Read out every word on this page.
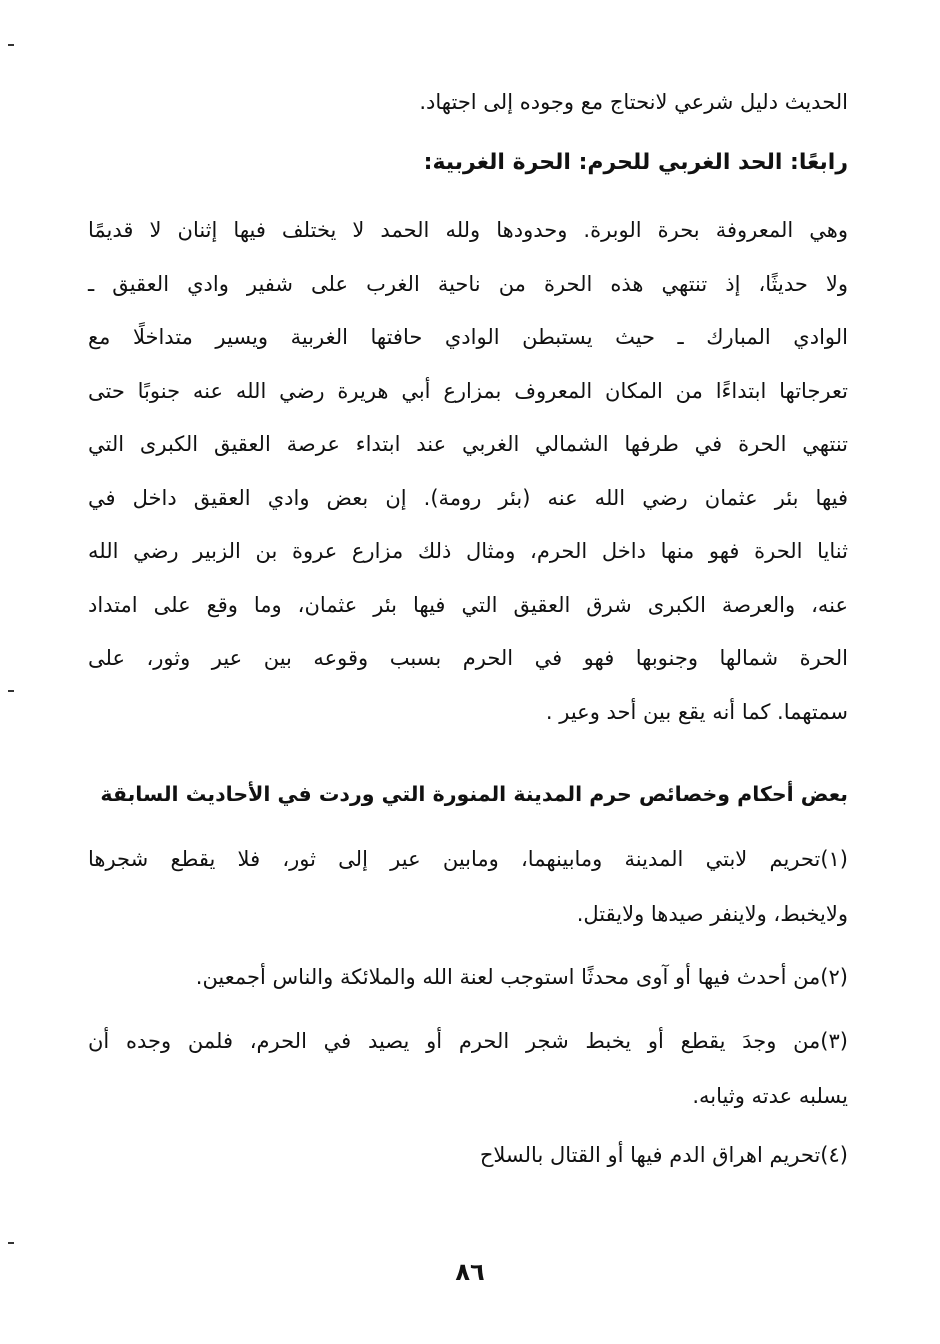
الحديث دليل شرعي لانحتاج مع وجوده إلى اجتهاد.
رابعًا: الحد الغربي للحرم: الحرة الغربية:
وهي المعروفة بحرة الوبرة. وحدودها ولله الحمد لا يختلف فيها إثنان لا قديمًا
ولا حديثًا، إذ تنتهي هذه الحرة من ناحية الغرب على شفير وادي العقيق ـ
الوادي المبارك ـ حيث يستبطن الوادي حافتها الغربية ويسير متداخلًا مع
تعرجاتها ابتداءًا من المكان المعروف بمزارع أبي هريرة رضي الله عنه جنوبًا حتى
تنتهي الحرة في طرفها الشمالي الغربي عند ابتداء عرصة العقيق الكبرى التي
فيها بئر عثمان رضي الله عنه (بئر رومة). إن بعض وادي العقيق داخل في
ثنايا الحرة فهو منها داخل الحرم، ومثال ذلك مزارع عروة بن الزبير رضي الله
عنه، والعرصة الكبرى شرق العقيق التي فيها بئر عثمان، وما وقع على امتداد
الحرة شمالها وجنوبها فهو في الحرم بسبب وقوعه بين عير وثور، على
سمتهما. كما أنه يقع بين أحد وعير .
بعض أحكام وخصائص حرم المدينة المنورة التي وردت في الأحاديث السابقة
(١)تحريم لابتي المدينة ومابينهما، ومابين عير إلى ثور، فلا يقطع شجرها
ولايخبط، ولاينفر صيدها ولايقتل.
(٢)من أحدث فيها أو آوى محدثًا استوجب لعنة الله والملائكة والناس أجمعين.
(٣)من وجدَ يقطع أو يخبط شجر الحرم أو يصيد في الحرم، فلمن وجده أن
يسلبه عدته وثيابه.
(٤)تحريم اهراق الدم فيها أو القتال بالسلاح
٨٦
